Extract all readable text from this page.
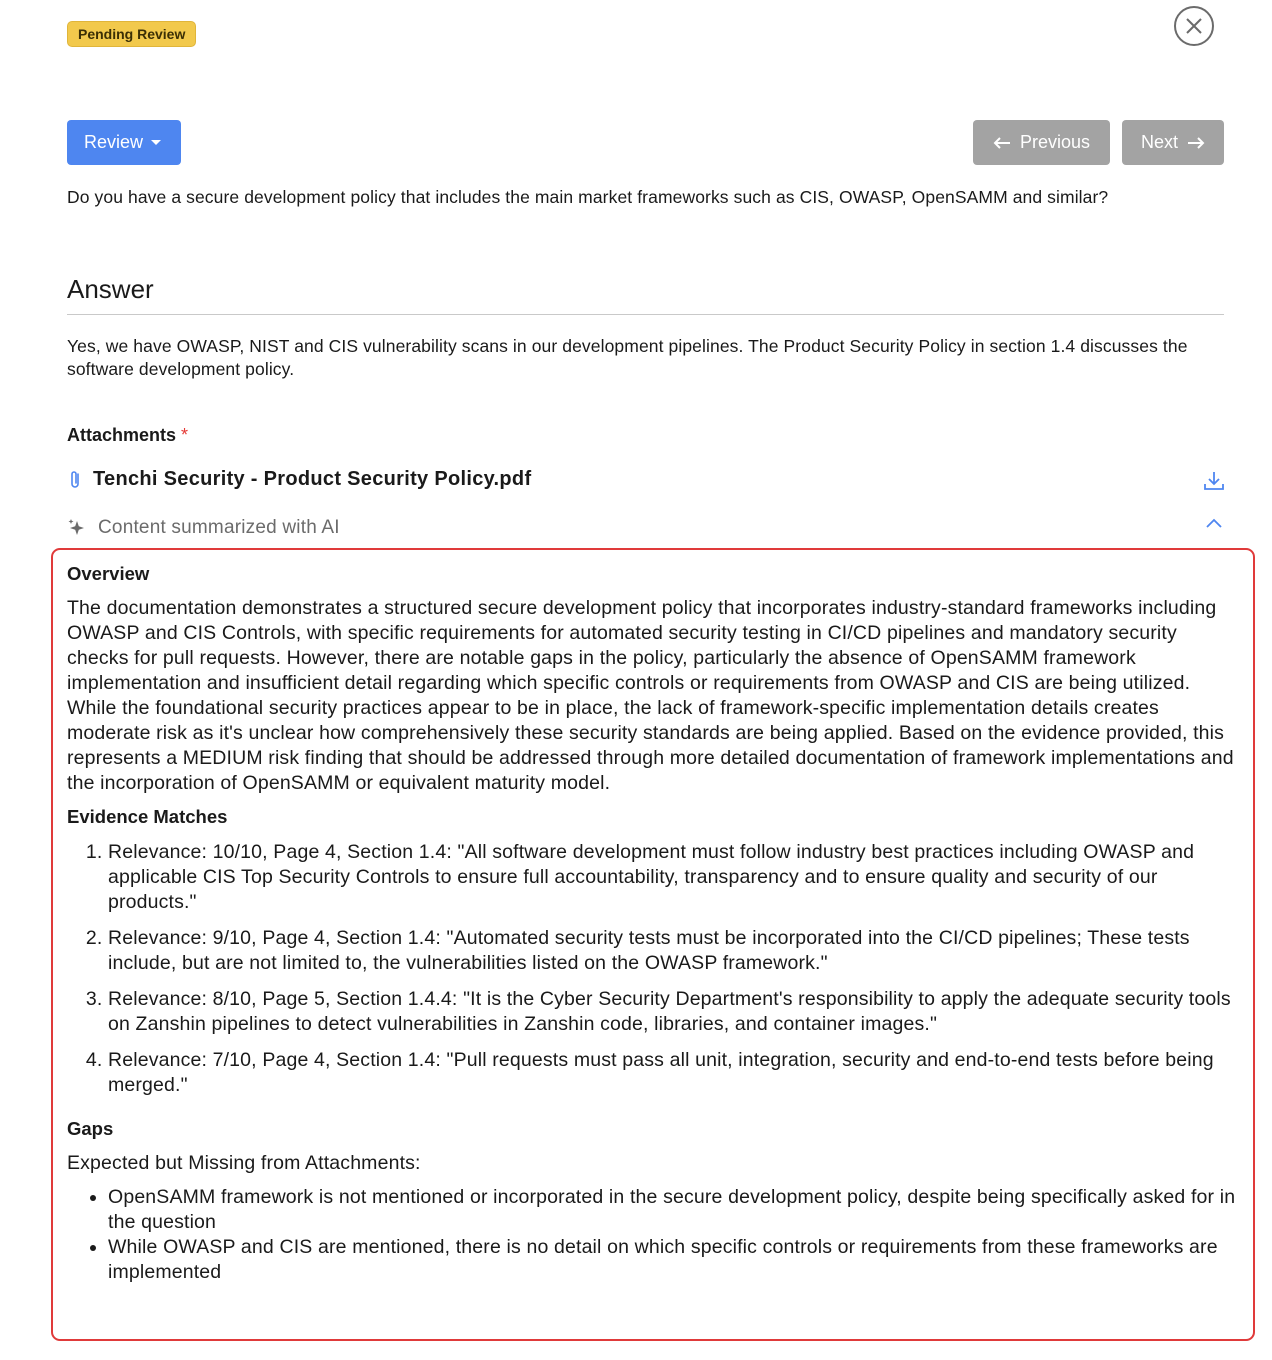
Pending Review
Review	Previous	Next

Do you have a secure development policy that includes the main market frameworks such as CIS, OWASP, OpenSAMM and similar?

Answer

Yes, we have OWASP, NIST and CIS vulnerability scans in our development pipelines. The Product Security Policy in section 1.4 discusses the software development policy.

Attachments *
Tenchi Security - Product Security Policy.pdf
Content summarized with AI
Overview

The documentation demonstrates a structured secure development policy that incorporates industry-standard frameworks including OWASP and CIS Controls, with specific requirements for automated security testing in CI/CD pipelines and mandatory security checks for pull requests. However, there are notable gaps in the policy, particularly the absence of OpenSAMM framework implementation and insufficient detail regarding which specific controls or requirements from OWASP and CIS are being utilized. While the foundational security practices appear to be in place, the lack of framework-specific implementation details creates moderate risk as it's unclear how comprehensively these security standards are being applied. Based on the evidence provided, this represents a MEDIUM risk finding that should be addressed through more detailed documentation of framework implementations and the incorporation of OpenSAMM or equivalent maturity model.

Evidence Matches
1. Relevance: 10/10, Page 4, Section 1.4: "All software development must follow industry best practices including OWASP and applicable CIS Top Security Controls to ensure full accountability, transparency and to ensure quality and security of our products."
2. Relevance: 9/10, Page 4, Section 1.4: "Automated security tests must be incorporated into the CI/CD pipelines; These tests include, but are not limited to, the vulnerabilities listed on the OWASP framework."
3. Relevance: 8/10, Page 5, Section 1.4.4: "It is the Cyber Security Department's responsibility to apply the adequate security tools on Zanshin pipelines to detect vulnerabilities in Zanshin code, libraries, and container images."
4. Relevance: 7/10, Page 4, Section 1.4: "Pull requests must pass all unit, integration, security and end-to-end tests before being merged."
Gaps

Expected but Missing from Attachments:

• OpenSAMM framework is not mentioned or incorporated in the secure development policy, despite being specifically asked for in the question
• While OWASP and CIS are mentioned, there is no detail on which specific controls or requirements from these frameworks are implemented
